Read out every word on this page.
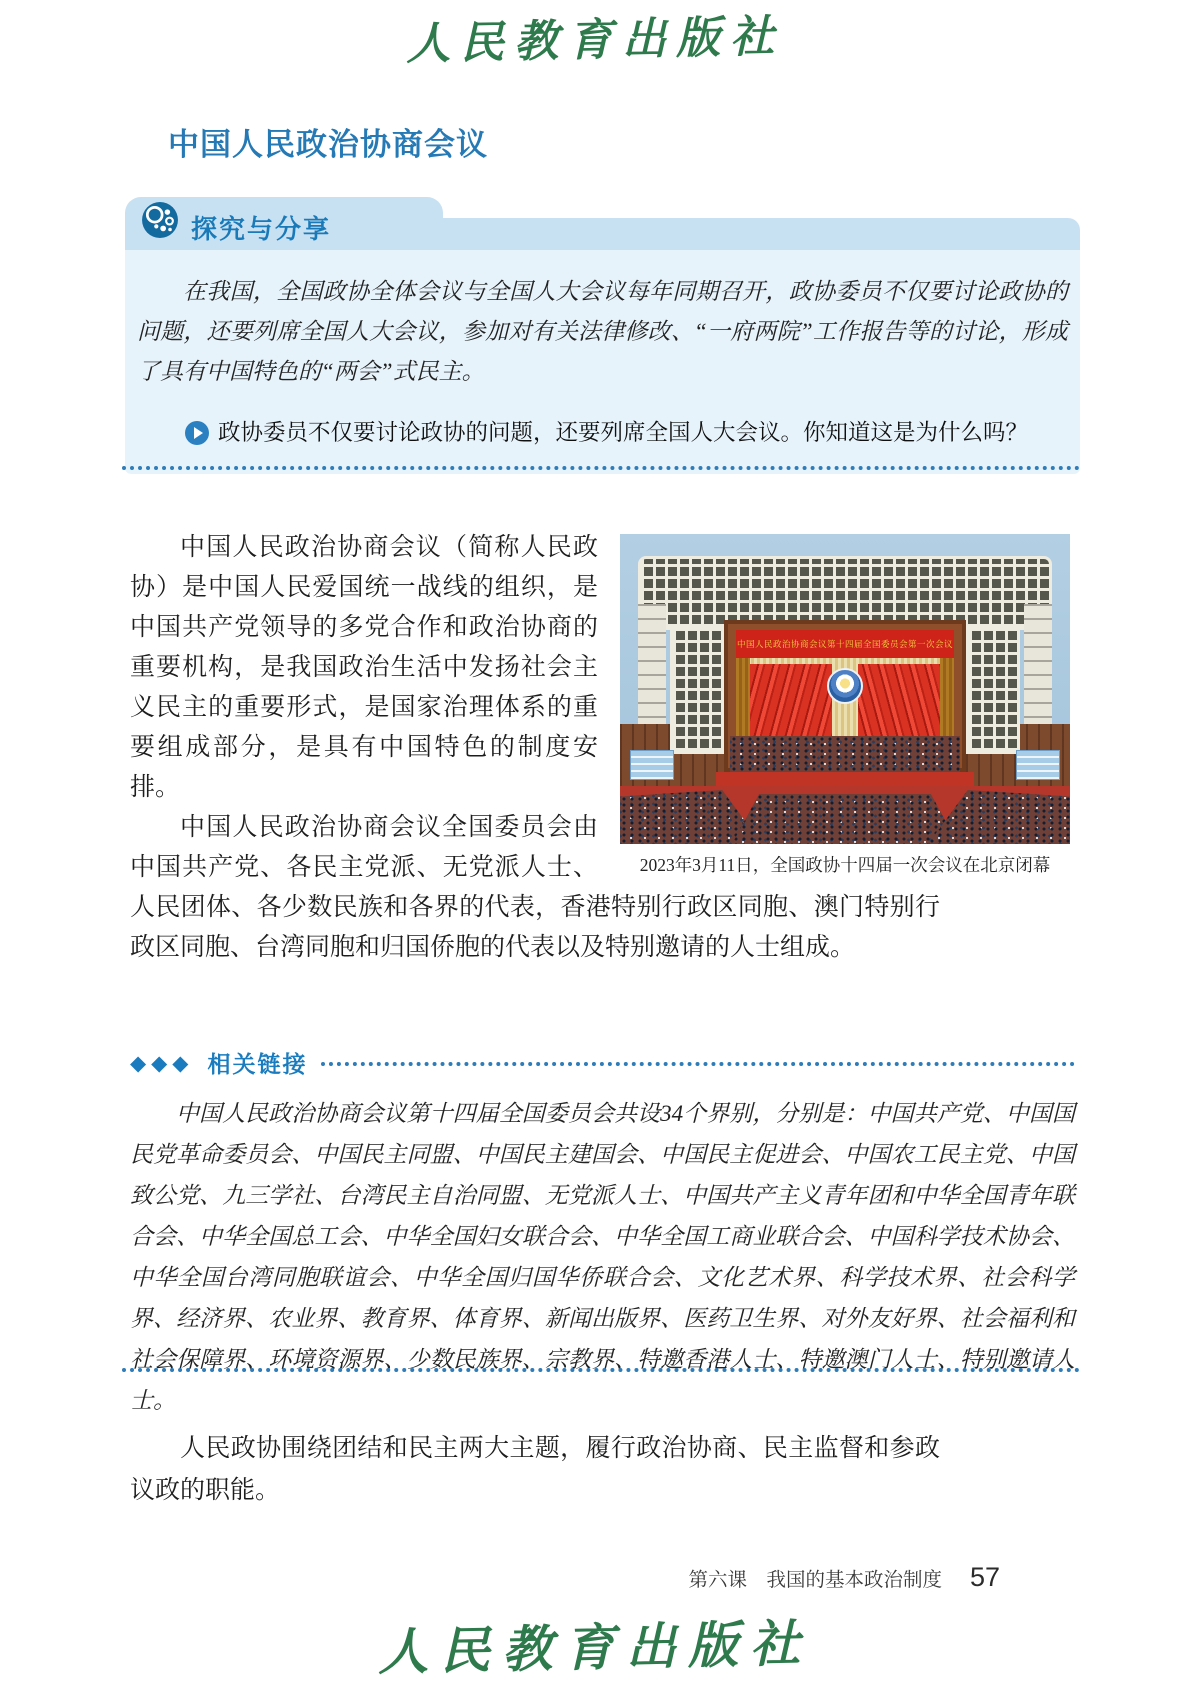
人民教育出版社
中国人民政治协商会议
探究与分享

在我国，全国政协全体会议与全国人大会议每年同期召开，政协委员不仅要讨论政协的问题，还要列席全国人大会议，参加对有关法律修改、“一府两院”工作报告等的讨论，形成了具有中国特色的“两会”式民主。

政协委员不仅要讨论政协的问题，还要列席全国人大会议。你知道这是为什么吗？
中国人民政治协商会议第十四届全国委员会第一次会议
2023年3月11日，全国政协十四届一次会议在北京闭幕

中国人民政治协商会议（简称人民政协）是中国人民爱国统一战线的组织，是中国共产党领导的多党合作和政治协商的重要机构，是我国政治生活中发扬社会主义民主的重要形式，是国家治理体系的重要组成部分，是具有中国特色的制度安排。

中国人民政治协商会议全国委员会由中国共产党、各民主党派、无党派人士、人民团体、各少数民族和各界的代表，香港特别行政区同胞、澳门特别行政区同胞、台湾同胞和归国侨胞的代表以及特别邀请的人士组成。

◆◆◆ 相关链接

中国人民政治协商会议第十四届全国委员会共设34个界别，分别是：中国共产党、中国国民党革命委员会、中国民主同盟、中国民主建国会、中国民主促进会、中国农工民主党、中国致公党、九三学社、台湾民主自治同盟、无党派人士、中国共产主义青年团和中华全国青年联合会、中华全国总工会、中华全国妇女联合会、中华全国工商业联合会、中国科学技术协会、中华全国台湾同胞联谊会、中华全国归国华侨联合会、文化艺术界、科学技术界、社会科学界、经济界、农业界、教育界、体育界、新闻出版界、医药卫生界、对外友好界、社会福利和社会保障界、环境资源界、少数民族界、宗教界、特邀香港人士、特邀澳门人士、特别邀请人士。

人民政协围绕团结和民主两大主题，履行政治协商、民主监督和参政议政的职能。

第六课　我国的基本政治制度 57
人民教育出版社
